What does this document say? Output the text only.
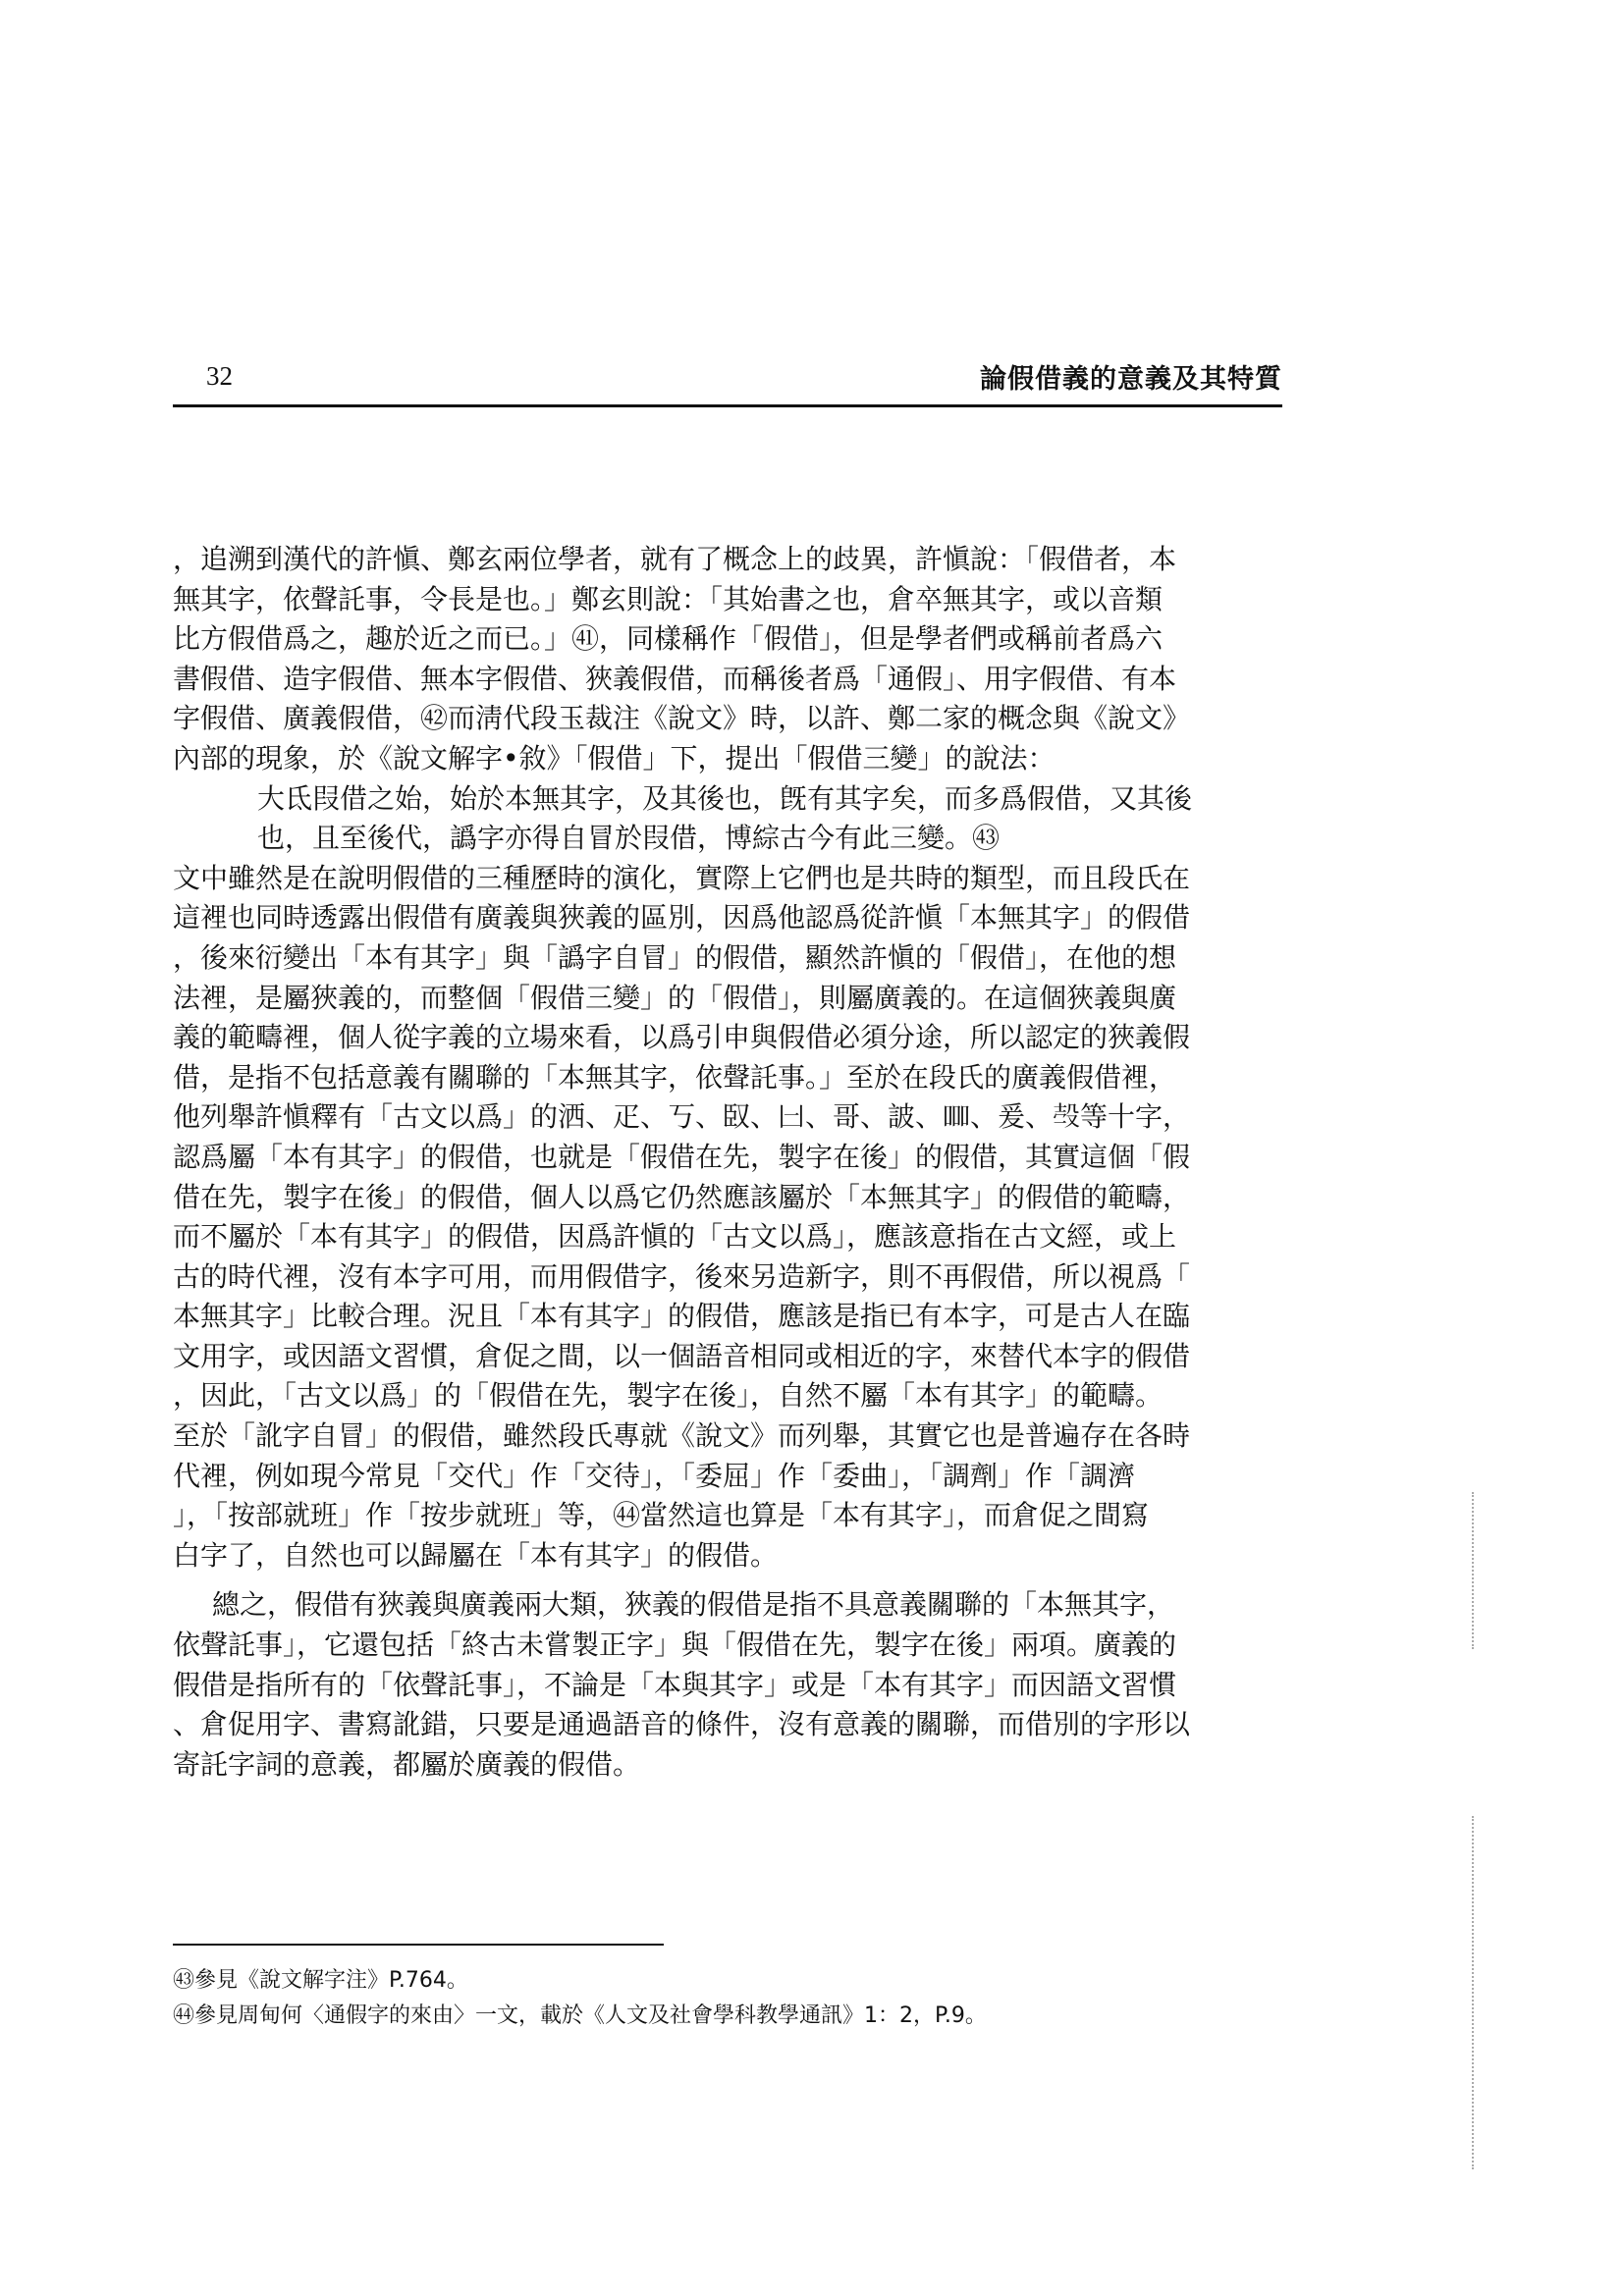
32	論假借義的意義及其特質
，追溯到漢代的許愼、鄭玄兩位學者，就有了概念上的歧異，許愼說：「假借者，本
無其字，依聲託事，令長是也。」鄭玄則說：「其始書之也，倉卒無其字，或以音類
比方假借爲之，趣於近之而已。」㊶，同樣稱作「假借」，但是學者們或稱前者爲六
書假借、造字假借、無本字假借、狹義假借，而稱後者爲「通假」、用字假借、有本
字假借、廣義假借，㊷而淸代段玉裁注《說文》時，以許、鄭二家的概念與《說文》
內部的現象，於《說文解字•敘》「假借」下，提出「假借三變」的說法：
大氐叚借之始，始於本無其字，及其後也，旣有其字矣，而多爲假借，又其後
也，且至後代，譌字亦得自冒於叚借，博綜古今有此三變。㊸
文中雖然是在說明假借的三種歷時的演化，實際上它們也是共時的類型，而且段氏在
這裡也同時透露出假借有廣義與狹義的區別，因爲他認爲從許愼「本無其字」的假借
，後來衍變出「本有其字」與「譌字自冒」的假借，顯然許愼的「假借」，在他的想
法裡，是屬狹義的，而整個「假借三變」的「假借」，則屬廣義的。在這個狹義與廣
義的範疇裡，個人從字義的立場來看，以爲引申與假借必須分途，所以認定的狹義假
借，是指不包括意義有關聯的「本無其字，依聲託事。」至於在段氏的廣義假借裡，
他列舉許愼釋有「古文以爲」的洒、疋、丂、臤、𠙵、哥、詖、𠱠、爰、𣪊等十字，
認爲屬「本有其字」的假借，也就是「假借在先，製字在後」的假借，其實這個「假
借在先，製字在後」的假借，個人以爲它仍然應該屬於「本無其字」的假借的範疇，
而不屬於「本有其字」的假借，因爲許愼的「古文以爲」，應該意指在古文經，或上
古的時代裡，沒有本字可用，而用假借字，後來另造新字，則不再假借，所以視爲「
本無其字」比較合理。況且「本有其字」的假借，應該是指已有本字，可是古人在臨
文用字，或因語文習慣，倉促之間，以一個語音相同或相近的字，來替代本字的假借
，因此，「古文以爲」的「假借在先，製字在後」，自然不屬「本有其字」的範疇。
至於「訛字自冒」的假借，雖然段氏專就《說文》而列舉，其實它也是普遍存在各時
代裡，例如現今常見「交代」作「交待」，「委屈」作「委曲」，「調劑」作「調濟
」，「按部就班」作「按步就班」等，㊹當然這也算是「本有其字」，而倉促之間寫
白字了，自然也可以歸屬在「本有其字」的假借。
總之，假借有狹義與廣義兩大類，狹義的假借是指不具意義關聯的「本無其字，
依聲託事」，它還包括「終古未嘗製正字」與「假借在先，製字在後」兩項。廣義的
假借是指所有的「依聲託事」，不論是「本與其字」或是「本有其字」而因語文習慣
、倉促用字、書寫訛錯，只要是通過語音的條件，沒有意義的關聯，而借別的字形以
寄託字詞的意義，都屬於廣義的假借。
㊸參見《說文解字注》P.764。
㊹參見周甸何〈通假字的來由〉一文，載於《人文及社會學科教學通訊》1：2，P.9。
